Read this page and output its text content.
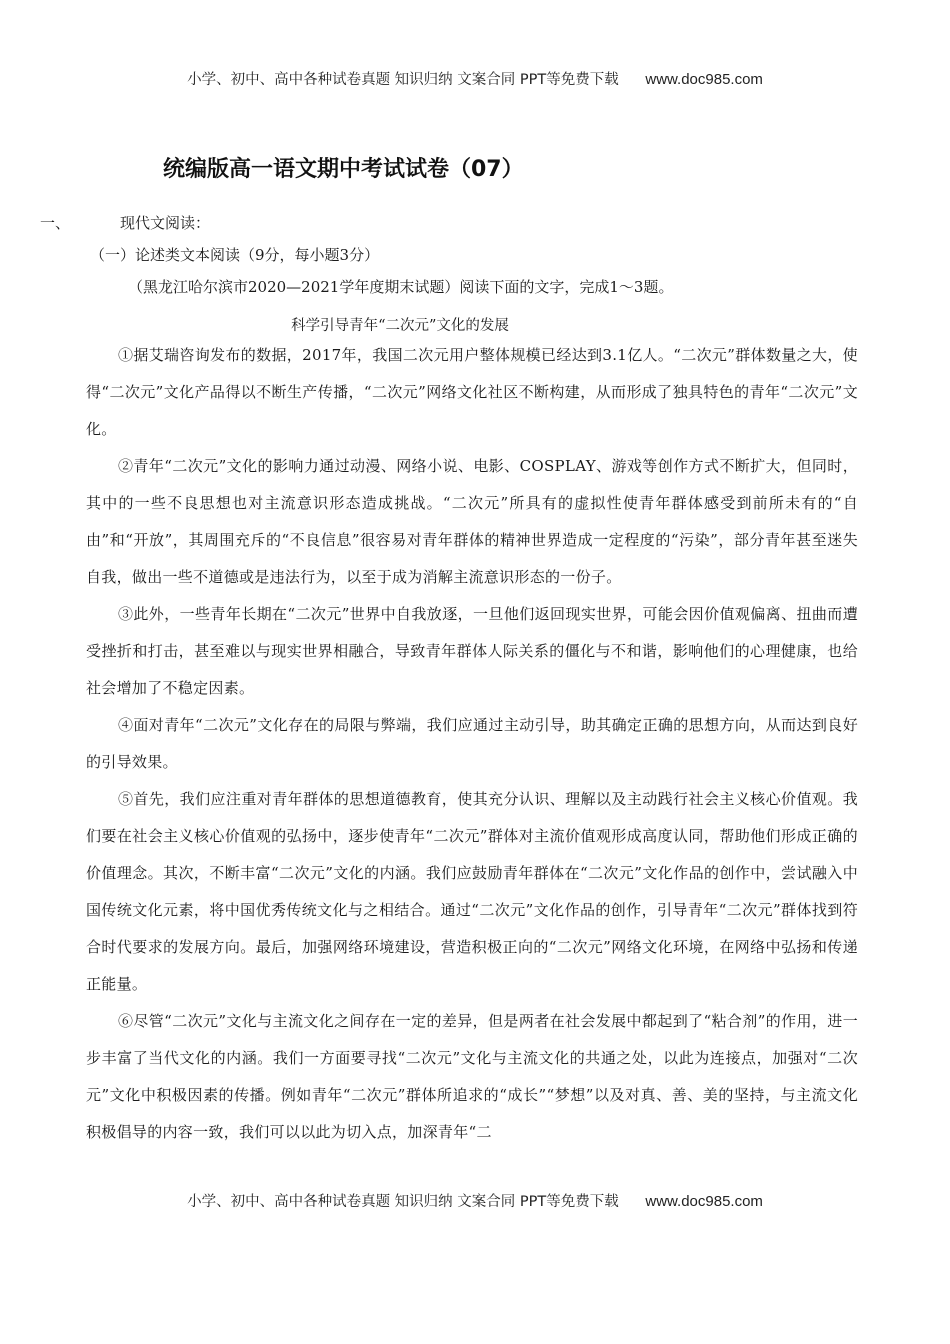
小学、初中、高中各种试卷真题 知识归纳 文案合同 PPT等免费下载 www.doc985.com
统编版高一语文期中考试试卷（07）
一、	现代文阅读：
（一）论述类文本阅读（9分，每小题3分）
（黑龙江哈尔滨市2020—2021学年度期末试题）阅读下面的文字，完成1～3题。
科学引导青年“二次元”文化的发展

①据艾瑞咨询发布的数据，2017年，我国二次元用户整体规模已经达到3.1亿人。“二次元”群体数量之大，使得“二次元”文化产品得以不断生产传播，“二次元”网络文化社区不断构建，从而形成了独具特色的青年“二次元”文化。

②青年“二次元”文化的影响力通过动漫、网络小说、电影、COSPLAY、游戏等创作方式不断扩大，但同时，其中的一些不良思想也对主流意识形态造成挑战。“二次元”所具有的虚拟性使青年群体感受到前所未有的“自由”和“开放”，其周围充斥的“不良信息”很容易对青年群体的精神世界造成一定程度的“污染”，部分青年甚至迷失自我，做出一些不道德或是违法行为，以至于成为消解主流意识形态的一份子。

③此外，一些青年长期在“二次元”世界中自我放逐，一旦他们返回现实世界，可能会因价值观偏离、扭曲而遭受挫折和打击，甚至难以与现实世界相融合，导致青年群体人际关系的僵化与不和谐，影响他们的心理健康，也给社会增加了不稳定因素。

④面对青年“二次元”文化存在的局限与弊端，我们应通过主动引导，助其确定正确的思想方向，从而达到良好的引导效果。

⑤首先，我们应注重对青年群体的思想道德教育，使其充分认识、理解以及主动践行社会主义核心价值观。我们要在社会主义核心价值观的弘扬中，逐步使青年“二次元”群体对主流价值观形成高度认同，帮助他们形成正确的价值理念。其次，不断丰富“二次元”文化的内涵。我们应鼓励青年群体在“二次元”文化作品的创作中，尝试融入中国传统文化元素，将中国优秀传统文化与之相结合。通过“二次元”文化作品的创作，引导青年“二次元”群体找到符合时代要求的发展方向。最后，加强网络环境建设，营造积极正向的“二次元”网络文化环境，在网络中弘扬和传递正能量。

⑥尽管“二次元”文化与主流文化之间存在一定的差异，但是两者在社会发展中都起到了“粘合剂”的作用，进一步丰富了当代文化的内涵。我们一方面要寻找“二次元”文化与主流文化的共通之处，以此为连接点，加强对“二次元”文化中积极因素的传播。例如青年“二次元”群体所追求的“成长”“梦想”以及对真、善、美的坚持，与主流文化积极倡导的内容一致，我们可以以此为切入点，加深青年“二

小学、初中、高中各种试卷真题 知识归纳 文案合同 PPT等免费下载 www.doc985.com
